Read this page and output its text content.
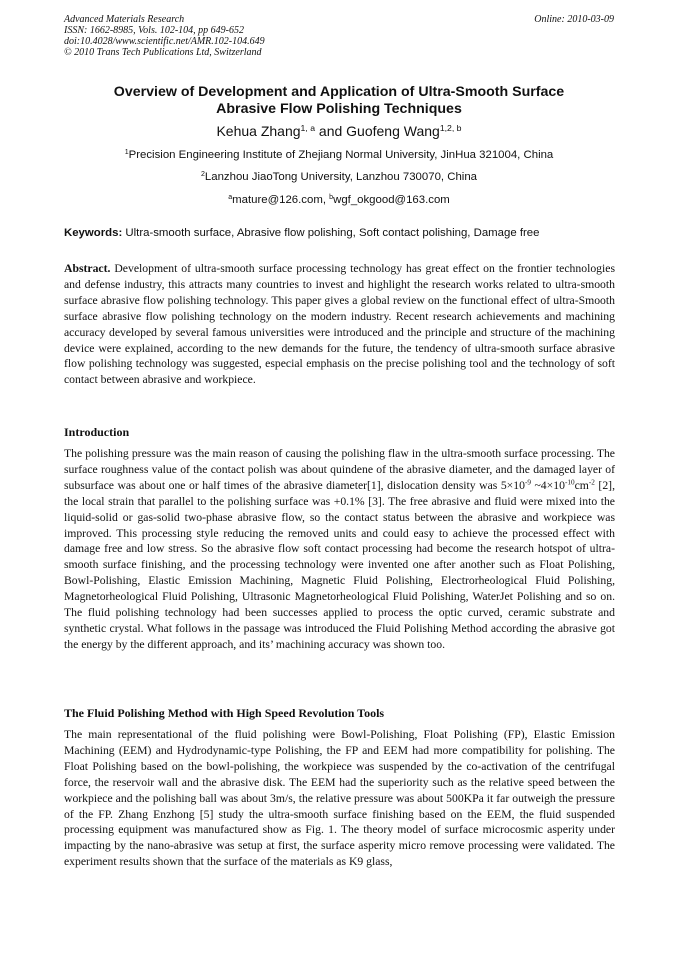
Advanced Materials Research
ISSN: 1662-8985, Vols. 102-104, pp 649-652
doi:10.4028/www.scientific.net/AMR.102-104.649
© 2010 Trans Tech Publications Ltd, Switzerland
Online: 2010-03-09
Overview of Development and Application of Ultra-Smooth Surface
Abrasive Flow Polishing Techniques
Kehua Zhang$^{1, a}$ and Guofeng Wang$^{1,2, b}$
$^1$Precision Engineering Institute of Zhejiang Normal University, JinHua 321004, China
$^2$Lanzhou JiaoTong University, Lanzhou 730070, China
$^a$mature@126.com, $^b$wgf_okgood@163.com
Keywords: Ultra-smooth surface, Abrasive flow polishing, Soft contact polishing, Damage free
Abstract. Development of ultra-smooth surface processing technology has great effect on the frontier technologies and defense industry, this attracts many countries to invest and highlight the research works related to ultra-smooth surface abrasive flow polishing technology. This paper gives a global review on the functional effect of ultra-Smooth surface abrasive flow polishing technology on the modern industry. Recent research achievements and machining accuracy developed by several famous universities were introduced and the principle and structure of the machining device were explained, according to the new demands for the future, the tendency of ultra-smooth surface abrasive flow polishing technology was suggested, especial emphasis on the precise polishing tool and the technology of soft contact between abrasive and workpiece.
Introduction
The polishing pressure was the main reason of causing the polishing flaw in the ultra-smooth surface processing. The surface roughness value of the contact polish was about quindene of the abrasive diameter, and the damaged layer of subsurface was about one or half times of the abrasive diameter[1], dislocation density was $5\times 10^{-9}$ $\sim 4\times 10^{-10}cm^{-2}$ [2], the local strain that parallel to the polishing surface was +0.1% [3]. The free abrasive and fluid were mixed into the liquid-solid or gas-solid two-phase abrasive flow, so the contact status between the abrasive and workpiece was improved. This processing style reducing the removed units and could easy to achieve the processed effect with damage free and low stress. So the abrasive flow soft contact processing had become the research hotspot of ultra-smooth surface finishing, and the processing technology were invented one after another such as Float Polishing, Bowl-Polishing, Elastic Emission Machining, Magnetic Fluid Polishing, Electrorheological Fluid Polishing, Magnetorheological Fluid Polishing, Ultrasonic Magnetorheological Fluid Polishing, WaterJet Polishing and so on. The fluid polishing technology had been successes applied to process the optic curved, ceramic substrate and synthetic crystal. What follows in the passage was introduced the Fluid Polishing Method according the abrasive got the energy by the different approach, and its’ machining accuracy was shown too.
The Fluid Polishing Method with High Speed Revolution Tools
The main representational of the fluid polishing were Bowl-Polishing, Float Polishing (FP), Elastic Emission Machining (EEM) and Hydrodynamic-type Polishing, the FP and EEM had more compatibility for polishing. The Float Polishing based on the bowl-polishing, the workpiece was suspended by the co-activation of the centrifugal force, the reservoir wall and the abrasive disk. The EEM had the superiority such as the relative speed between the workpiece and the polishing ball was about 3m/s, the relative pressure was about 500KPa it far outweigh the pressure of the FP. Zhang Enzhong [5] study the ultra-smooth surface finishing based on the EEM, the fluid suspended processing equipment was manufactured show as Fig. 1. The theory model of surface microcosmic asperity under impacting by the nano-abrasive was setup at first, the surface asperity micro remove processing were validated. The experiment results shown that the surface of the materials as K9 glass,
